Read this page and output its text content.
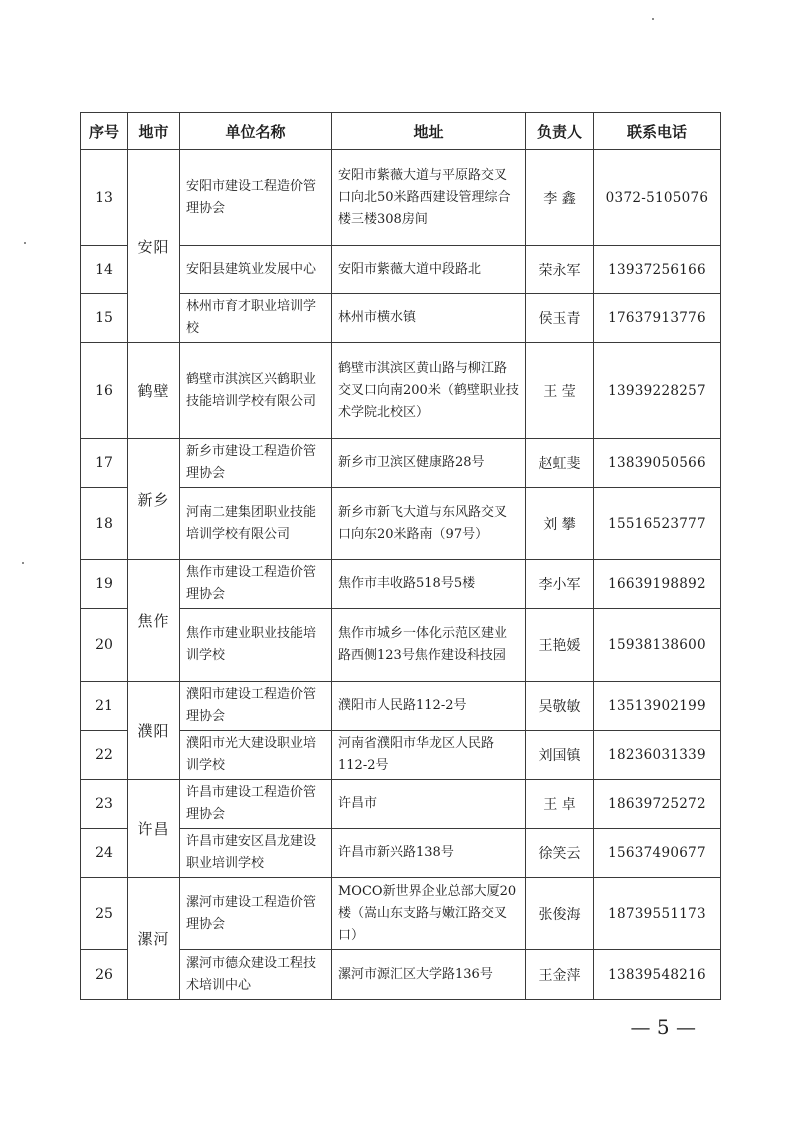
序号	地市	单位名称	地址	负责人	联系电话
13	安阳	安阳市建设工程造价管理协会	安阳市紫薇大道与平原路交叉口向北50米路西建设管理综合楼三楼308房间	李 鑫	0372-5105076
14		安阳县建筑业发展中心	安阳市紫薇大道中段路北	荣永军	13937256166
15		林州市育才职业培训学校	林州市横水镇	侯玉青	17637913776
16	鹤壁	鹤壁市淇滨区兴鹤职业技能培训学校有限公司	鹤壁市淇滨区黄山路与柳江路交叉口向南200米（鹤壁职业技术学院北校区）	王 莹	13939228257
17	新乡	新乡市建设工程造价管理协会	新乡市卫滨区健康路28号	赵虹斐	13839050566
18		河南二建集团职业技能培训学校有限公司	新乡市新飞大道与东风路交叉口向东20米路南（97号）	刘 攀	15516523777
19	焦作	焦作市建设工程造价管理协会	焦作市丰收路518号5楼	李小军	16639198892
20		焦作市建业职业技能培训学校	焦作市城乡一体化示范区建业路西侧123号焦作建设科技园	王艳媛	15938138600
21	濮阳	濮阳市建设工程造价管理协会	濮阳市人民路112-2号	吴敬敏	13513902199
22		濮阳市光大建设职业培训学校	河南省濮阳市华龙区人民路112-2号	刘国镇	18236031339
23	许昌	许昌市建设工程造价管理协会	许昌市	王 卓	18639725272
24		许昌市建安区昌龙建设职业培训学校	许昌市新兴路138号	徐笑云	15637490677
25	漯河	漯河市建设工程造价管理协会	MOCO新世界企业总部大厦20楼（嵩山东支路与嫩江路交叉口）	张俊海	18739551173
26		漯河市德众建设工程技术培训中心	漯河市源汇区大学路136号	王金萍	13839548216
— 5 —
